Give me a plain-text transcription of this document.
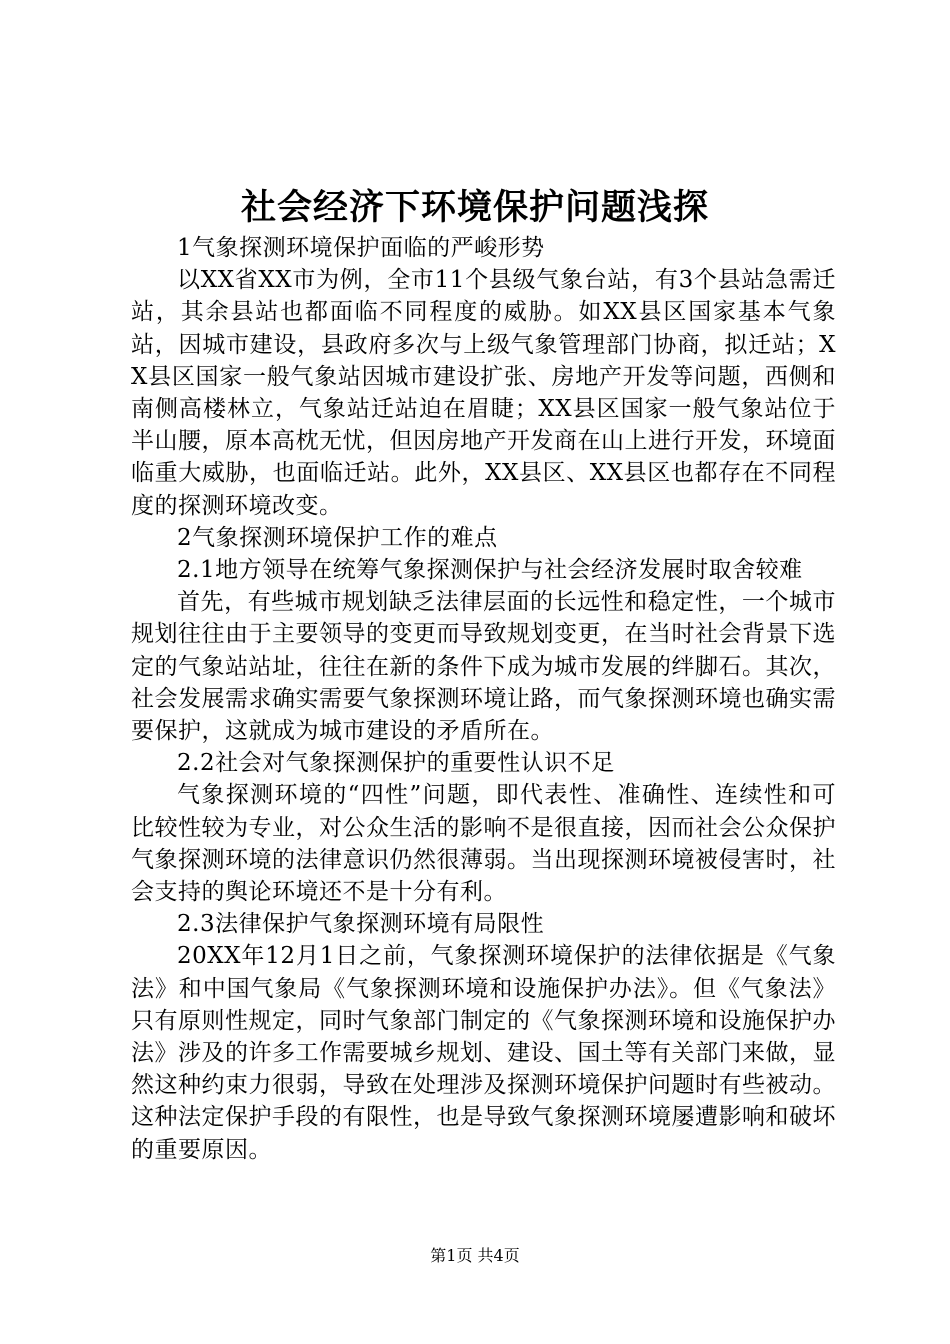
社会经济下环境保护问题浅探

1气象探测环境保护面临的严峻形势

以XX省XX市为例，全市11个县级气象台站，有3个县站急需迁站，其余县站也都面临不同程度的威胁。如XX县区国家基本气象站，因城市建设，县政府多次与上级气象管理部门协商，拟迁站；XX县区国家一般气象站因城市建设扩张、房地产开发等问题，西侧和南侧高楼林立，气象站迁站迫在眉睫；XX县区国家一般气象站位于半山腰，原本高枕无忧，但因房地产开发商在山上进行开发，环境面临重大威胁，也面临迁站。此外，XX县区、XX县区也都存在不同程度的探测环境改变。

2气象探测环境保护工作的难点

2.1地方领导在统筹气象探测保护与社会经济发展时取舍较难

首先，有些城市规划缺乏法律层面的长远性和稳定性，一个城市规划往往由于主要领导的变更而导致规划变更，在当时社会背景下选定的气象站站址，往往在新的条件下成为城市发展的绊脚石。其次，社会发展需求确实需要气象探测环境让路，而气象探测环境也确实需要保护，这就成为城市建设的矛盾所在。

2.2社会对气象探测保护的重要性认识不足

气象探测环境的“四性”问题，即代表性、准确性、连续性和可比较性较为专业，对公众生活的影响不是很直接，因而社会公众保护气象探测环境的法律意识仍然很薄弱。当出现探测环境被侵害时，社会支持的舆论环境还不是十分有利。

2.3法律保护气象探测环境有局限性

20XX年12月1日之前，气象探测环境保护的法律依据是《气象法》和中国气象局《气象探测环境和设施保护办法》。但《气象法》只有原则性规定，同时气象部门制定的《气象探测环境和设施保护办法》涉及的许多工作需要城乡规划、建设、国土等有关部门来做，显然这种约束力很弱，导致在处理涉及探测环境保护问题时有些被动。这种法定保护手段的有限性，也是导致气象探测环境屡遭影响和破坏的重要原因。

第1页 共4页
